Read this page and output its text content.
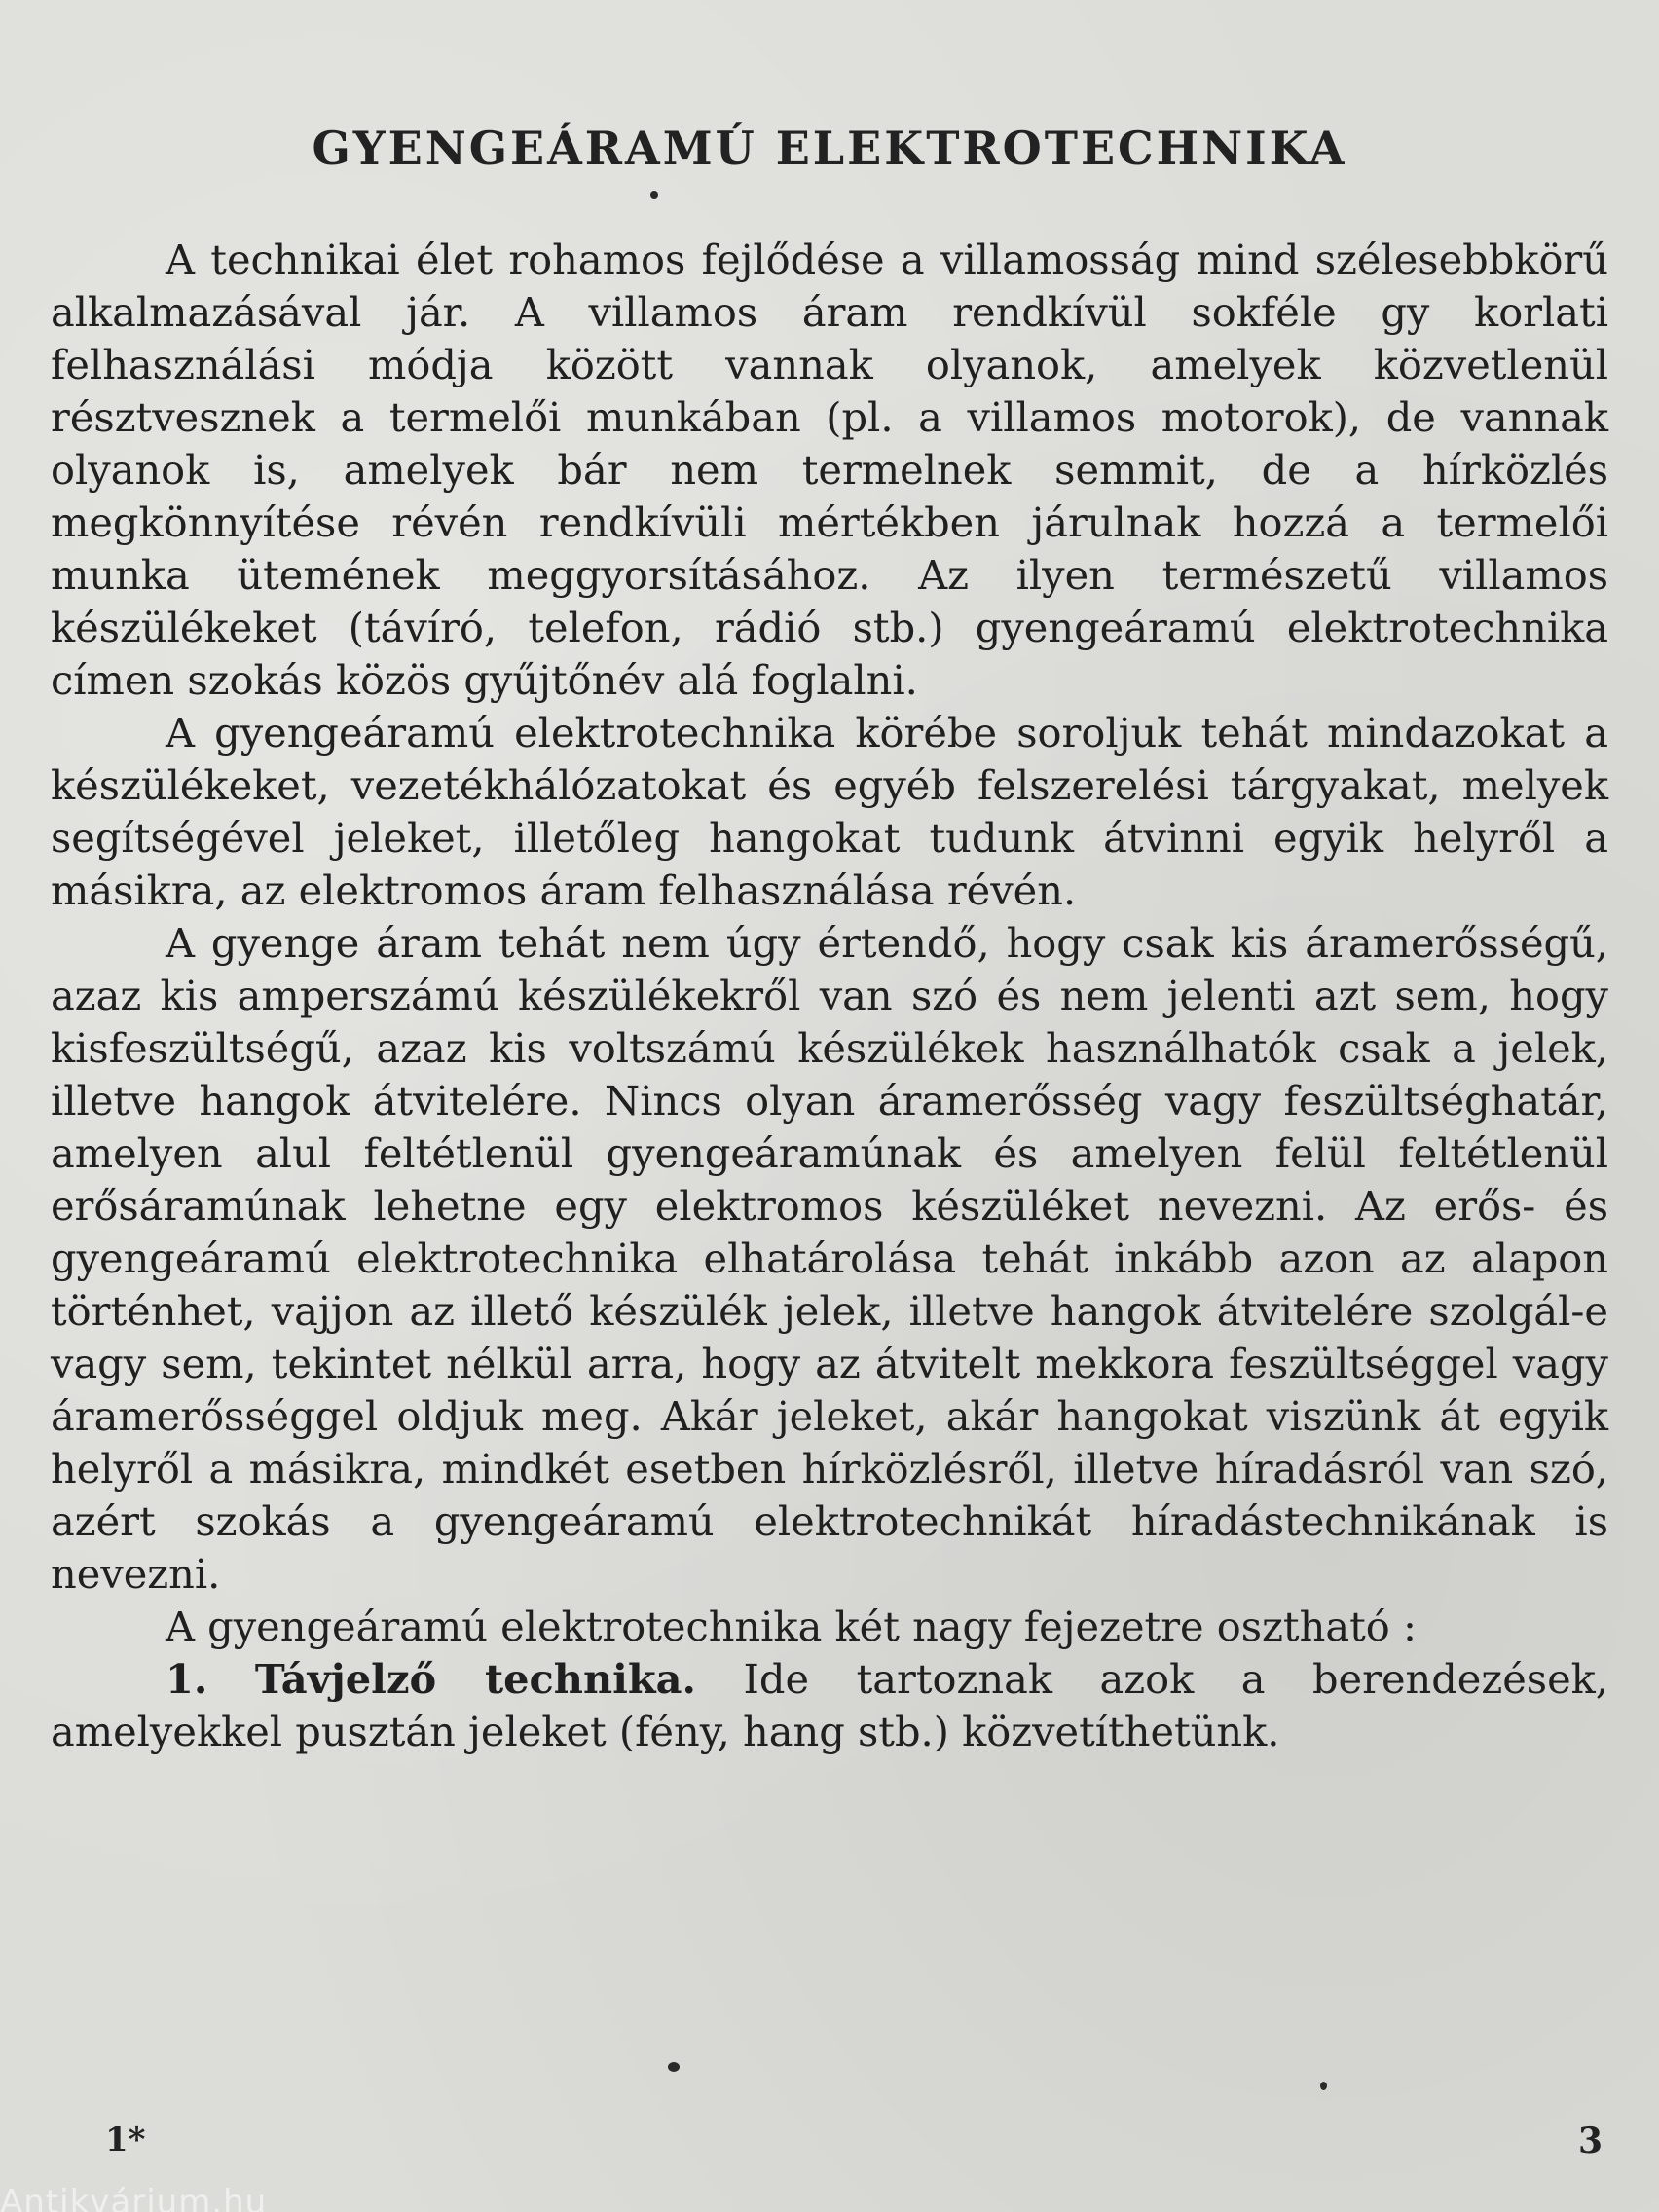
GYENGEÁRAMÚ ELEKTROTECHNIKA

A technikai élet rohamos fejlődése a villamosság mind szélesebbkörű alkalmazásával jár. A villamos áram rendkívül sokféle gy korlati felhasználási módja között vannak olyanok, amelyek közvetlenül résztvesznek a termelői munkában (pl. a villamos motorok), de vannak olyanok is, amelyek bár nem termelnek semmit, de a hírközlés megkönnyítése révén rendkívüli mértékben járulnak hozzá a termelői munka ütemének meggyorsításához. Az ilyen természetű villamos készülékeket (távíró, telefon, rádió stb.) gyengeáramú elektrotechnika címen szokás közös gyűjtőnév alá foglalni.

A gyengeáramú elektrotechnika körébe soroljuk tehát mindazokat a készülékeket, vezetékhálózatokat és egyéb felszerelési tárgyakat, melyek segítségével jeleket, illetőleg hangokat tudunk átvinni egyik helyről a másikra, az elektromos áram felhasználása révén.

A gyenge áram tehát nem úgy értendő, hogy csak kis áramerősségű, azaz kis amperszámú készülékekről van szó és nem jelenti azt sem, hogy kisfeszültségű, azaz kis voltszámú készülékek használhatók csak a jelek, illetve hangok átvitelére. Nincs olyan áramerősség vagy feszültséghatár, amelyen alul feltétlenül gyengeáramúnak és amelyen felül feltétlenül erősáramúnak lehetne egy elektromos készüléket nevezni. Az erős- és gyengeáramú elektrotechnika elhatárolása tehát inkább azon az alapon történhet, vajjon az illető készülék jelek, illetve hangok átvitelére szolgál-e vagy sem, tekintet nélkül arra, hogy az átvitelt mekkora feszültséggel vagy áramerősséggel oldjuk meg. Akár jeleket, akár hangokat viszünk át egyik helyről a másikra, mindkét esetben hírközlésről, illetve híradásról van szó, azért szokás a gyengeáramú elektrotechnikát híradástechnikának is nevezni.

A gyengeáramú elektrotechnika két nagy fejezetre osztható :

1. Távjelző technika. Ide tartoznak azok a berendezések, amelyekkel pusztán jeleket (fény, hang stb.) közvetíthetünk.

1*	3
Antikvárium.hu
